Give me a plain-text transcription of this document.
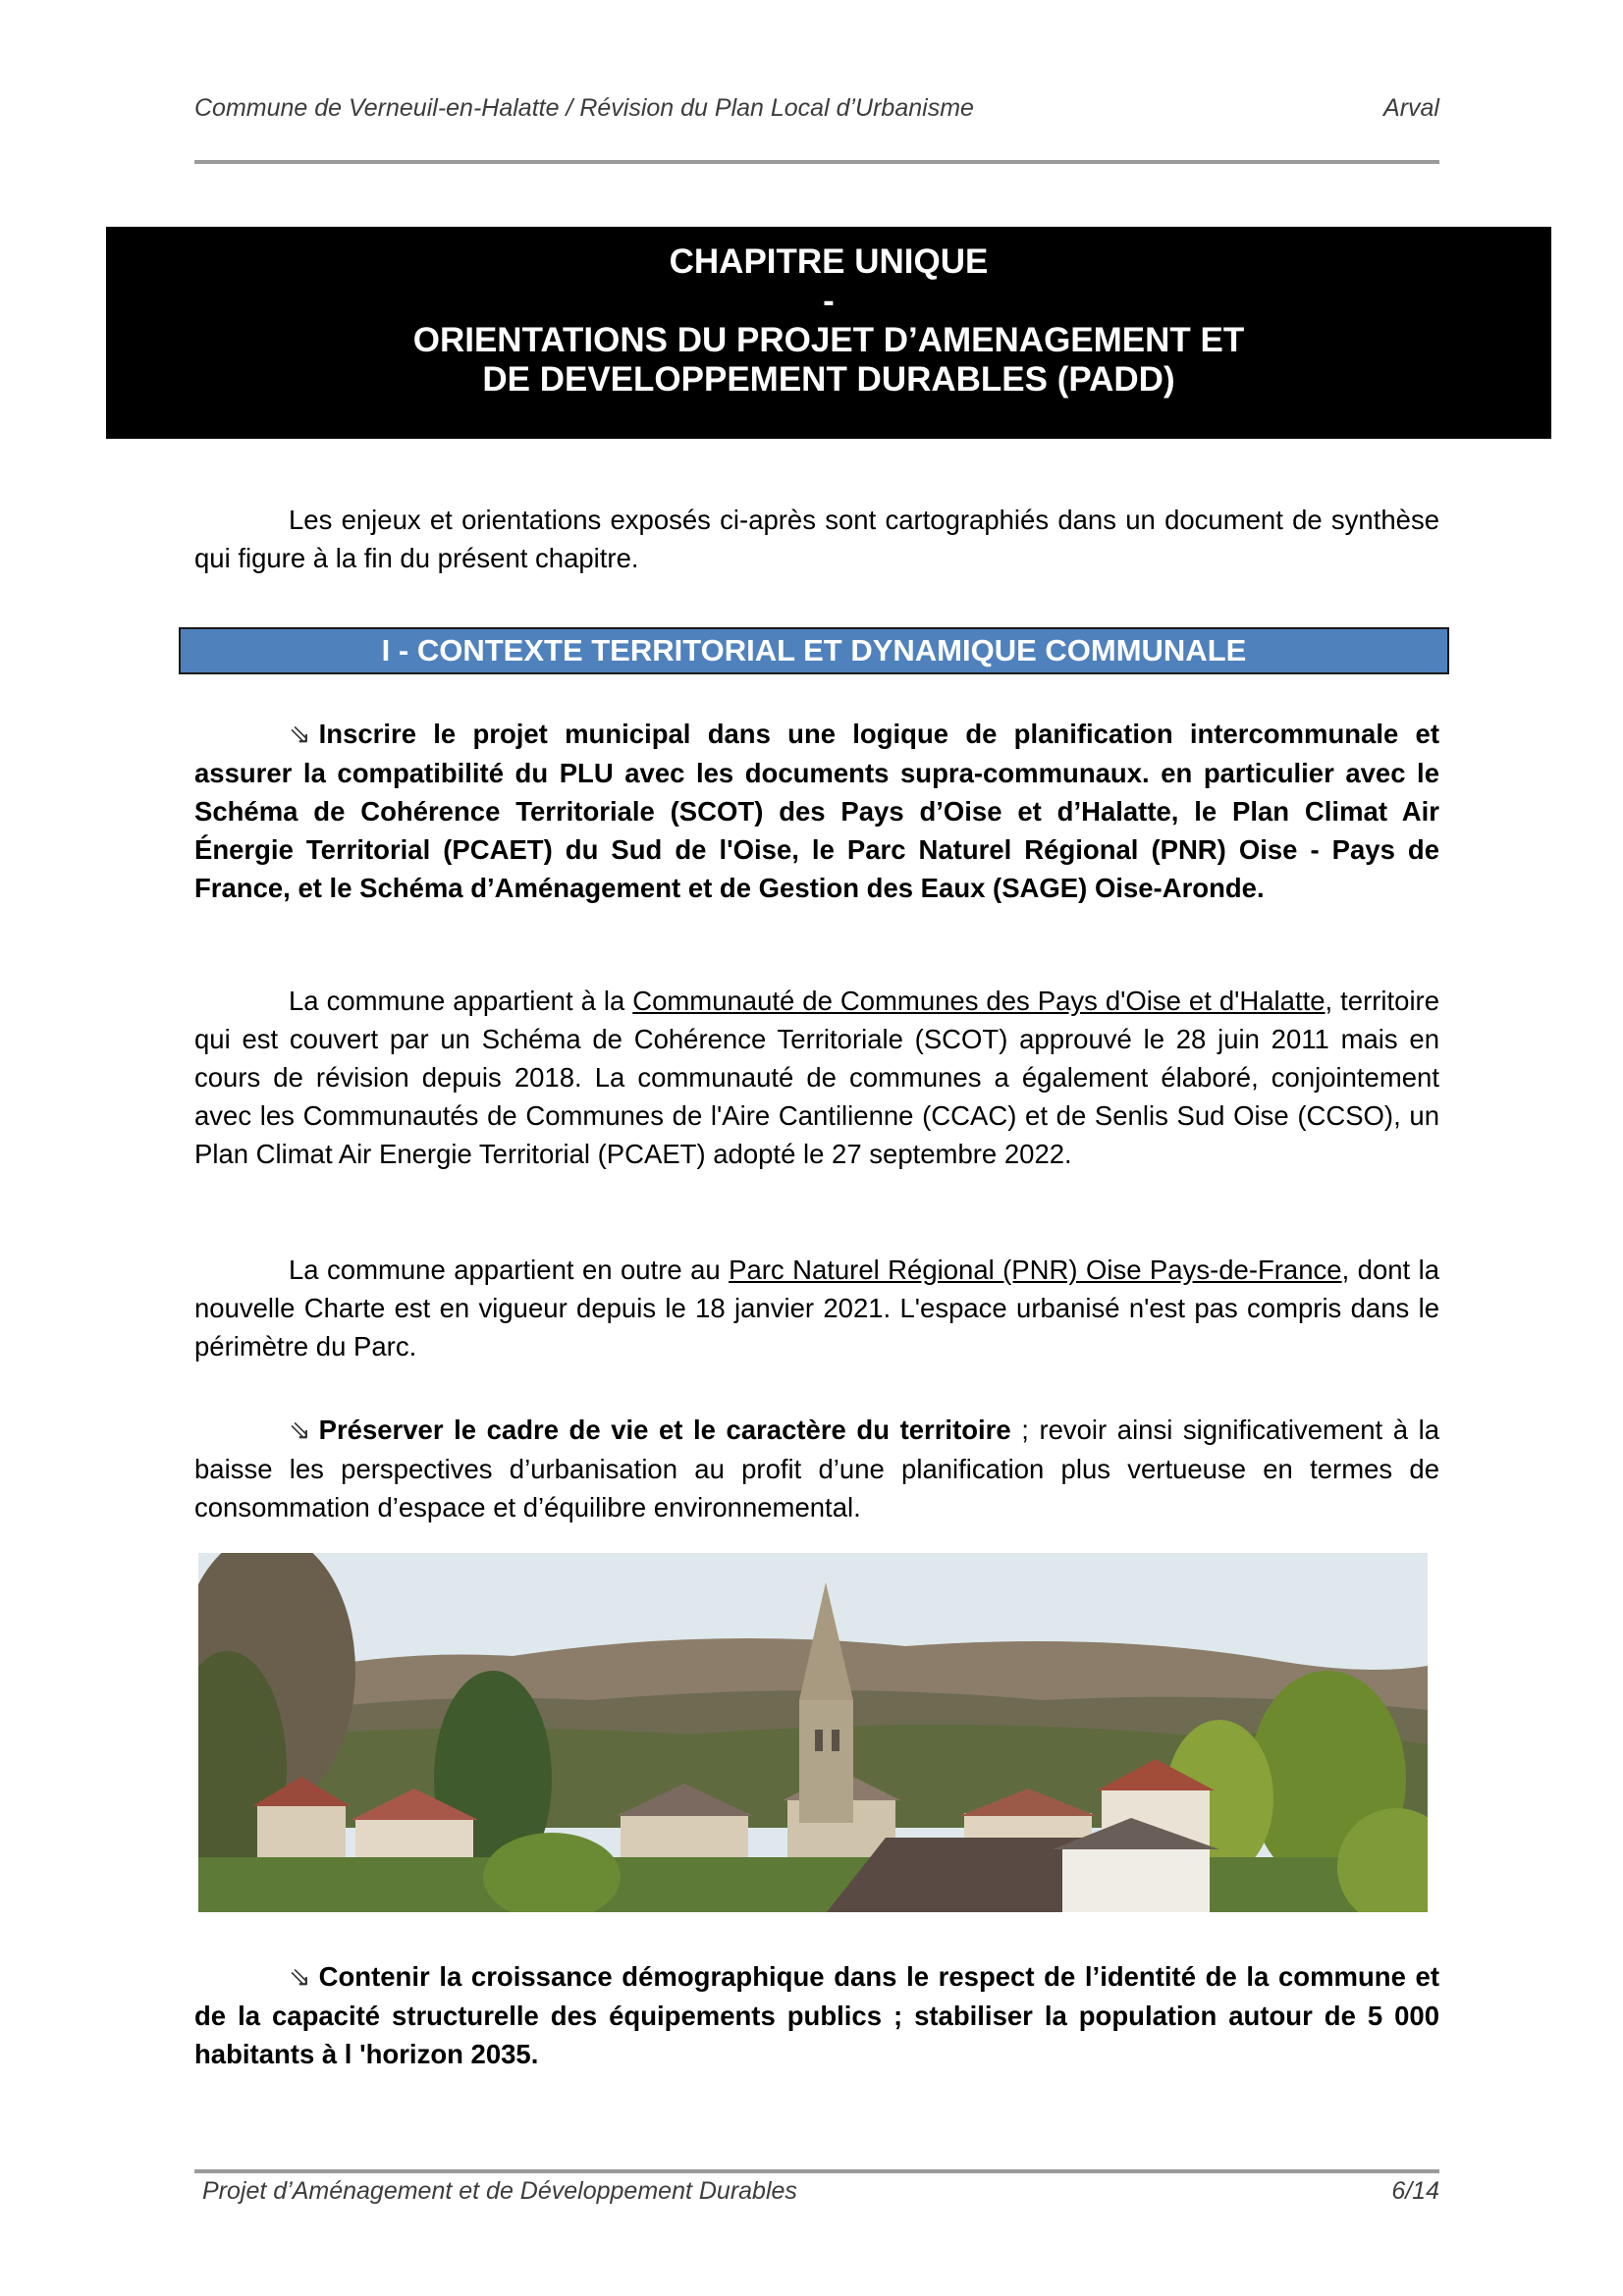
Commune de Verneuil-en-Halatte / Révision du Plan Local d’Urbanisme	Arval
CHAPITRE UNIQUE
-
ORIENTATIONS DU PROJET D’AMENAGEMENT ET
DE DEVELOPPEMENT DURABLES (PADD)
Les enjeux et orientations exposés ci-après sont cartographiés dans un document de synthèse qui figure à la fin du présent chapitre.
I - CONTEXTE TERRITORIAL ET DYNAMIQUE COMMUNALE
⇘ Inscrire le projet municipal dans une logique de planification intercommunale et assurer la compatibilité du PLU avec les documents supra-communaux. en particulier avec le Schéma de Cohérence Territoriale (SCOT) des Pays d’Oise et d’Halatte, le Plan Climat Air Énergie Territorial (PCAET) du Sud de l'Oise, le Parc Naturel Régional (PNR) Oise - Pays de France, et le Schéma d’Aménagement et de Gestion des Eaux (SAGE) Oise-Aronde.
La commune appartient à la Communauté de Communes des Pays d'Oise et d'Halatte, territoire qui est couvert par un Schéma de Cohérence Territoriale (SCOT) approuvé le 28 juin 2011 mais en cours de révision depuis 2018. La communauté de communes a également élaboré, conjointement avec les Communautés de Communes de l'Aire Cantilienne (CCAC) et de Senlis Sud Oise (CCSO), un Plan Climat Air Energie Territorial (PCAET) adopté le 27 septembre 2022.
La commune appartient en outre au Parc Naturel Régional (PNR) Oise Pays-de-France, dont la nouvelle Charte est en vigueur depuis le 18 janvier 2021. L'espace urbanisé n'est pas compris dans le périmètre du Parc.
⇘ Préserver le cadre de vie et le caractère du territoire ; revoir ainsi significativement à la baisse les perspectives d’urbanisation au profit d’une planification plus vertueuse en termes de consommation d’espace et d’équilibre environnemental.
⇘ Contenir la croissance démographique dans le respect de l’identité de la commune et de la capacité structurelle des équipements publics ; stabiliser la population autour de 5 000 habitants à l 'horizon 2035.
Projet d’Aménagement et de Développement Durables	6/14
